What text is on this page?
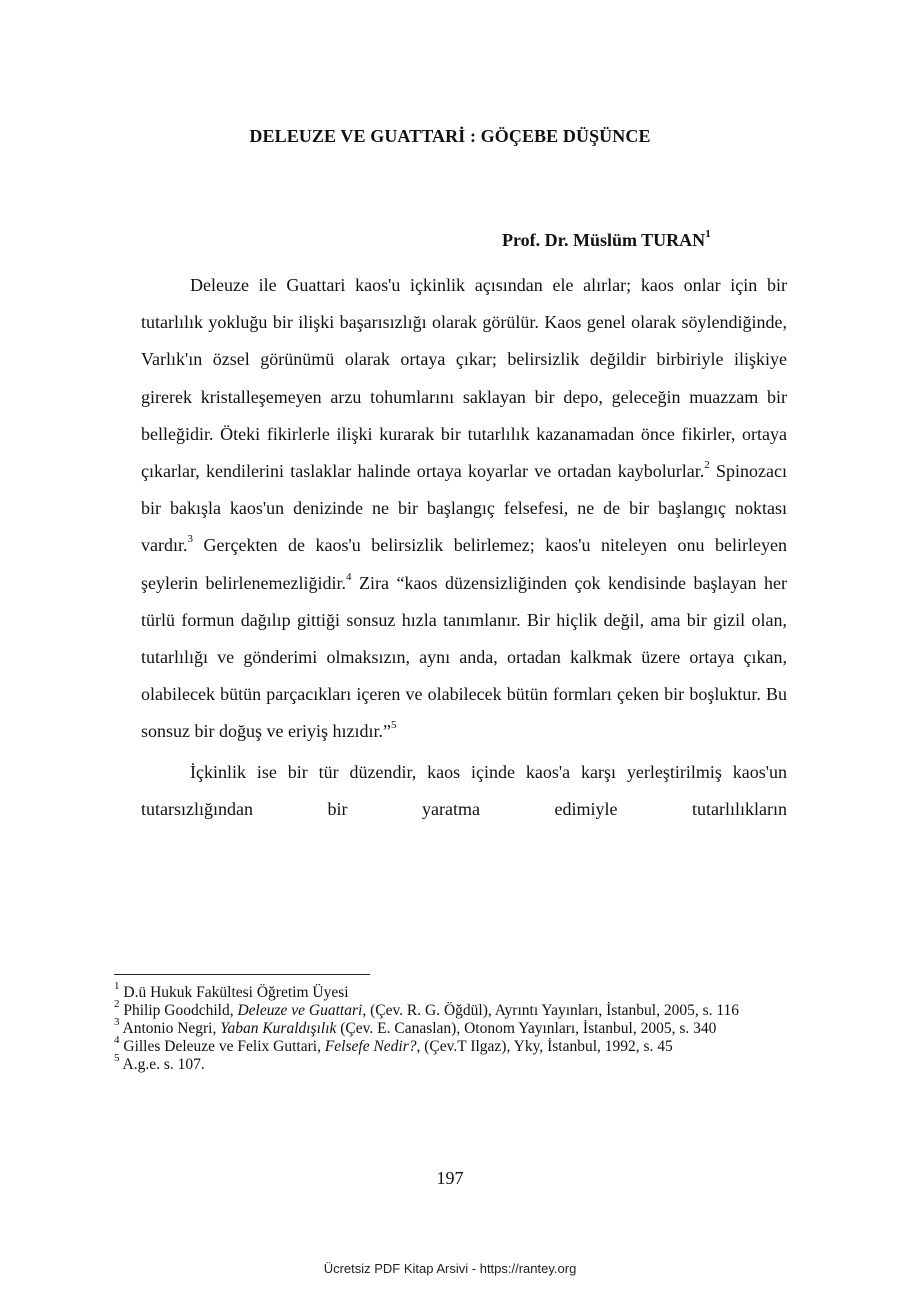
DELEUZE VE GUATTARİ : GÖÇEBE DÜŞÜNCE
Prof. Dr. Müslüm TURAN$^1$

Deleuze ile Guattari kaos'u içkinlik açısından ele alırlar; kaos onlar için bir tutarlılık yokluğu bir ilişki başarısızlığı olarak görülür. Kaos genel olarak söylendiğinde, Varlık'ın özsel görünümü olarak ortaya çıkar; belirsizlik değildir birbiriyle ilişkiye girerek kristalleşemeyen arzu tohumlarını saklayan bir depo, geleceğin muazzam bir belleğidir. Öteki fikirlerle ilişki kurarak bir tutarlılık kazanamadan önce fikirler, ortaya çıkarlar, kendilerini taslaklar halinde ortaya koyarlar ve ortadan kaybolurlar.$^2$ Spinozacı bir bakışla kaos'un denizinde ne bir başlangıç felsefesi, ne de bir başlangıç noktası vardır.$^3$ Gerçekten de kaos'u belirsizlik belirlemez; kaos'u niteleyen onu belirleyen şeylerin belirlenemezliğidir.$^4$ Zira “kaos düzensizliğinden çok kendisinde başlayan her türlü formun dağılıp gittiği sonsuz hızla tanımlanır. Bir hiçlik değil, ama bir gizil olan, tutarlılığı ve gönderimi olmaksızın, aynı anda, ortadan kalkmak üzere ortaya çıkan, olabilecek bütün parçacıkları içeren ve olabilecek bütün formları çeken bir boşluktur. Bu sonsuz bir doğuş ve eriyiş hızıdır.”$^5$

İçkinlik ise bir tür düzendir, kaos içinde kaos'a karşı yerleştirilmiş kaos'un tutarsızlığından bir yaratma edimiyle tutarlılıkların

$^1$ D.ü Hukuk Fakültesi Öğretim Üyesi
$^2$ Philip Goodchild, Deleuze ve Guattari, (Çev. R. G. Öğdül), Ayrıntı Yayınları, İstanbul, 2005, s. 116
$^3$ Antonio Negri, Yaban Kuraldışılık (Çev. E. Canaslan), Otonom Yayınları, İstanbul, 2005, s. 340
$^4$ Gilles Deleuze ve Felix Guttari, Felsefe Nedir?, (Çev.T Ilgaz), Yky, İstanbul, 1992, s. 45
$^5$ A.g.e. s. 107.
197
Ücretsiz PDF Kitap Arsivi - https://rantey.org
